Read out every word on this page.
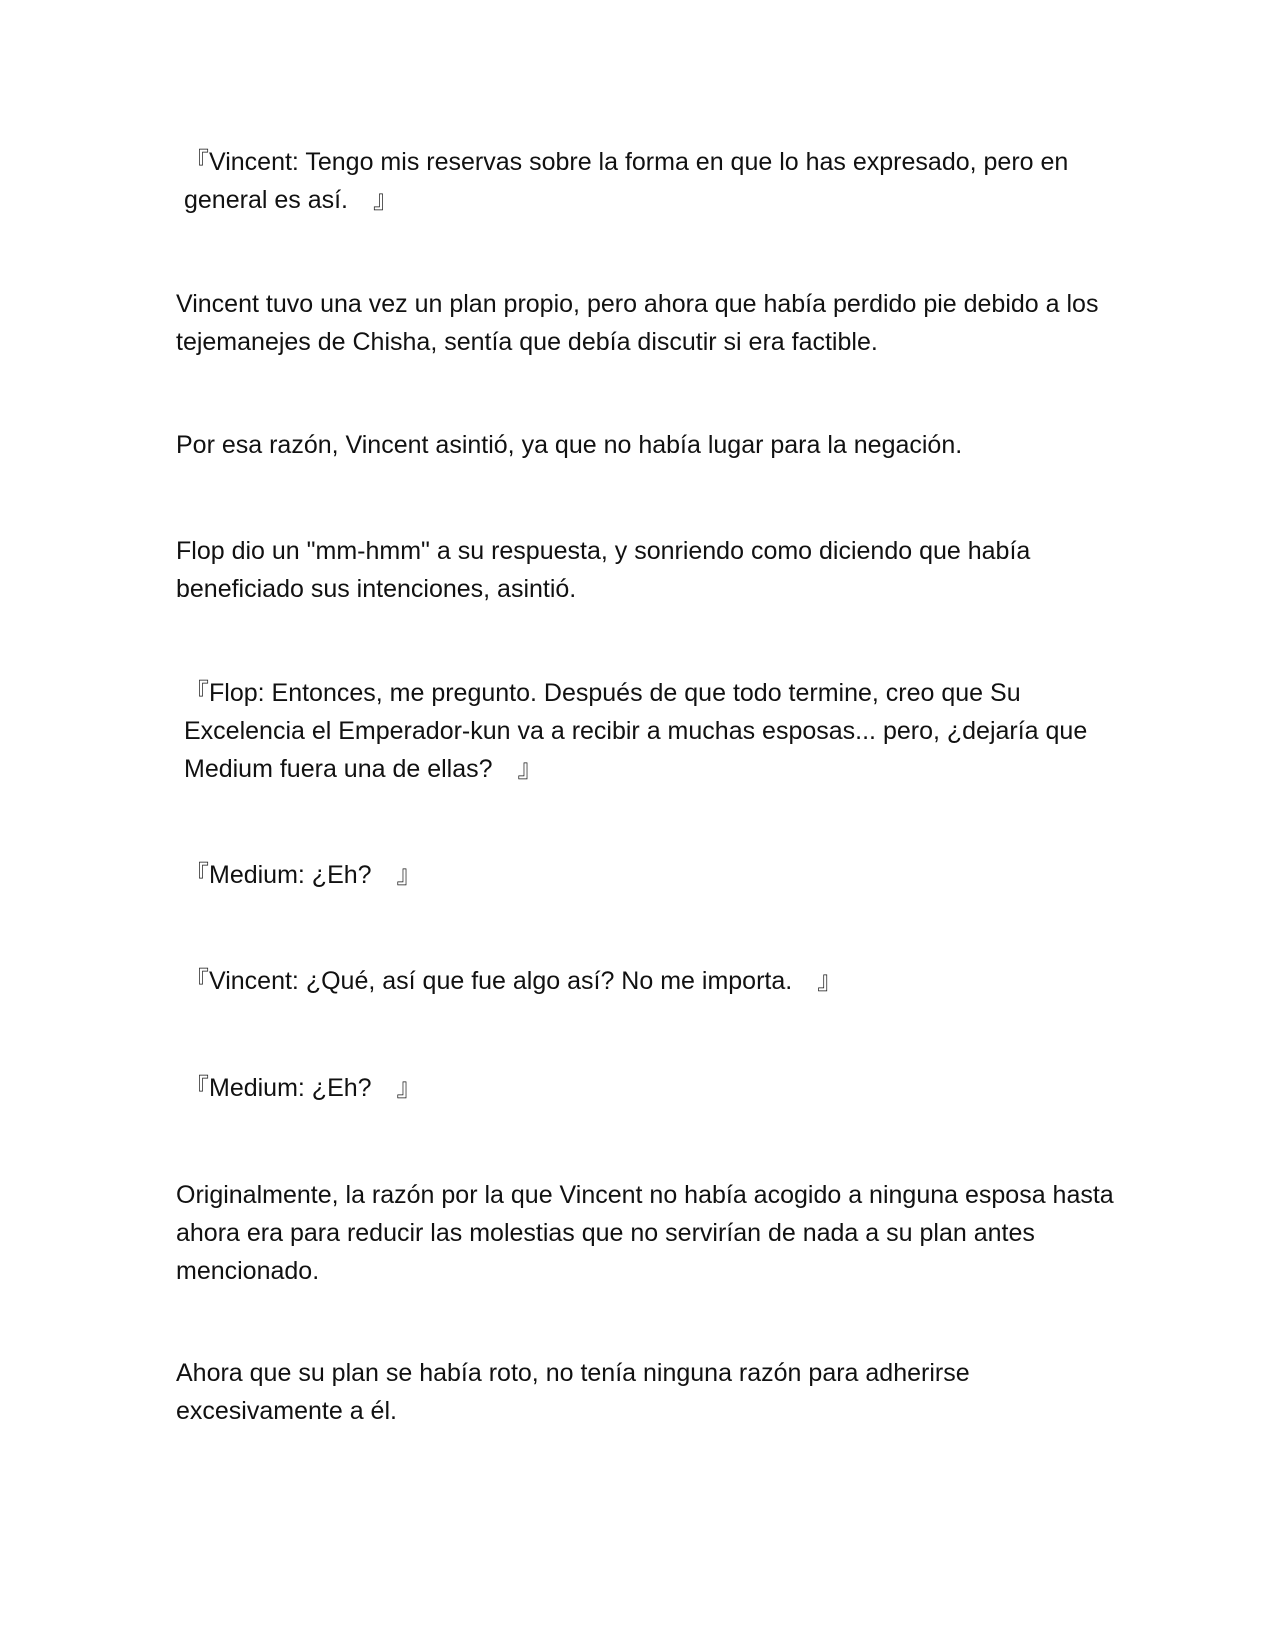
『Vincent: Tengo mis reservas sobre la forma en que lo has expresado, pero en general es así.　』

Vincent tuvo una vez un plan propio, pero ahora que había perdido pie debido a los tejemanejes de Chisha, sentía que debía discutir si era factible.

Por esa razón, Vincent asintió, ya que no había lugar para la negación.

Flop dio un "mm-hmm" a su respuesta, y sonriendo como diciendo que había beneficiado sus intenciones, asintió.

『Flop: Entonces, me pregunto. Después de que todo termine, creo que Su Excelencia el Emperador-kun va a recibir a muchas esposas... pero, ¿dejaría que Medium fuera una de ellas?　』

『Medium: ¿Eh?　』

『Vincent: ¿Qué, así que fue algo así? No me importa.　』

『Medium: ¿Eh?　』

Originalmente, la razón por la que Vincent no había acogido a ninguna esposa hasta ahora era para reducir las molestias que no servirían de nada a su plan antes mencionado.

Ahora que su plan se había roto, no tenía ninguna razón para adherirse excesivamente a él.
